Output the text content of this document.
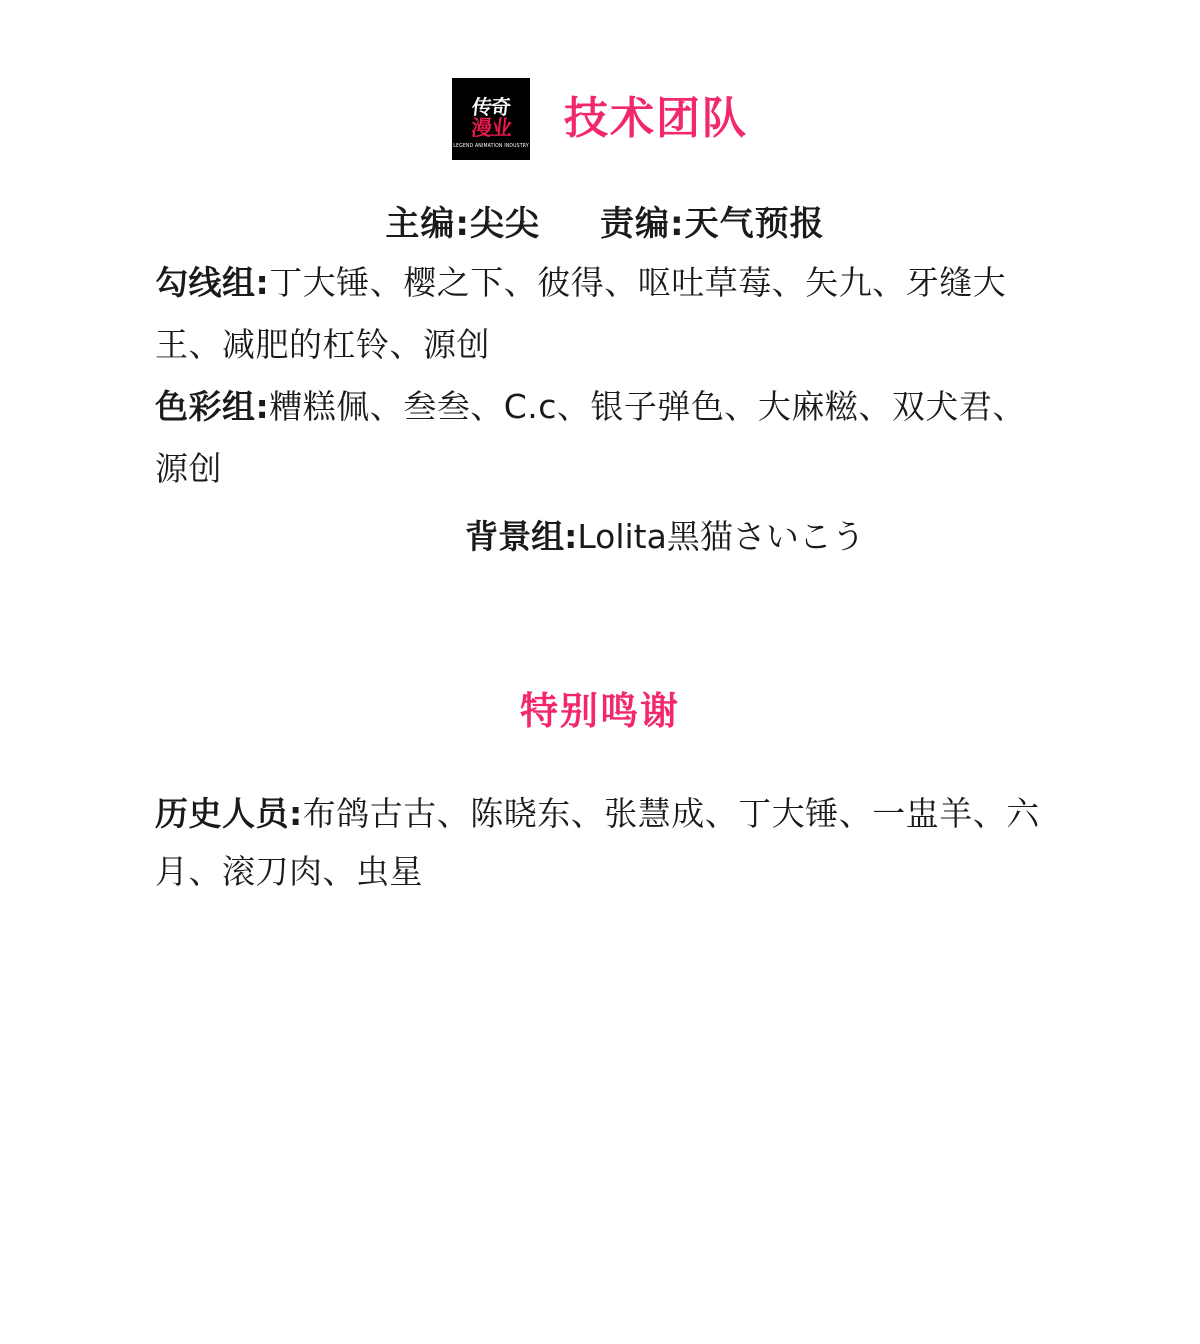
传奇
漫业
LEGEND ANIMATION INDUSTRY
技术团队
主编:尖尖 责编:天气预报
勾线组:丁大锤、樱之下、彼得、呕吐草莓、矢九、牙缝大王、减肥的杠铃、源创
色彩组:糟糕佩、叁叁、C.c、银子弹色、大麻糍、双犬君、源创
背景组:Lolita黑猫さいこう
特别鸣谢
历史人员:布鸽古古、陈晓东、张慧成、丁大锤、一盅羊、六月、滚刀肉、虫星
